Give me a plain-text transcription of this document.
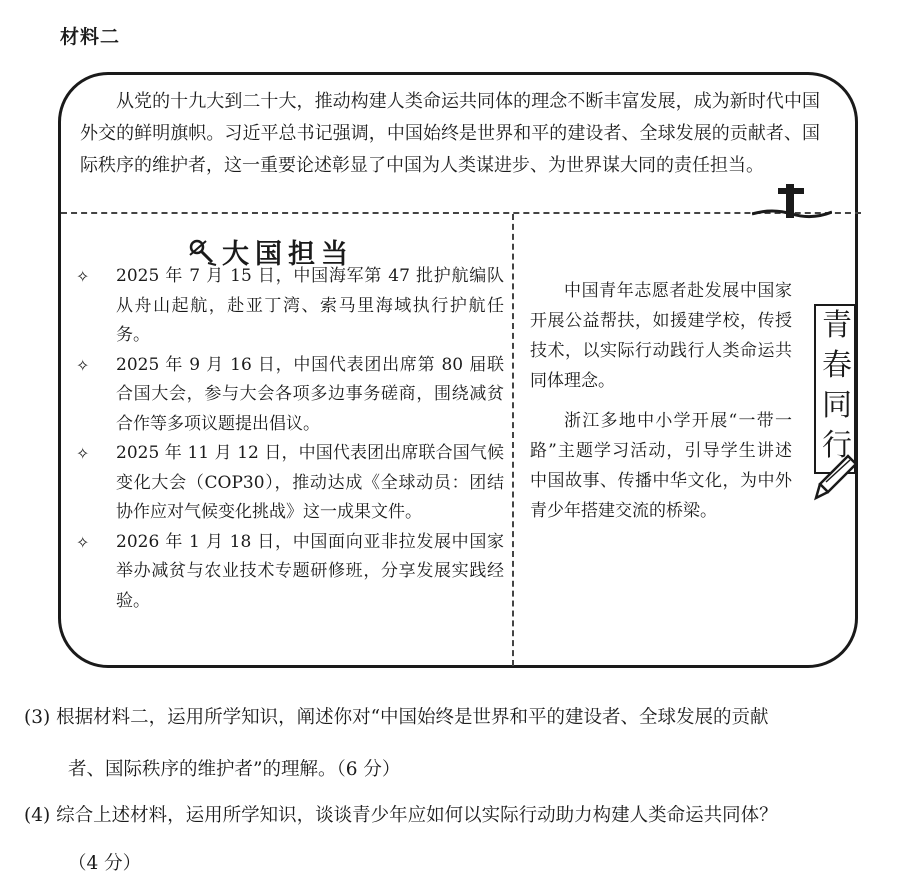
材料二
从党的十九大到二十大，推动构建人类命运共同体的理念不断丰富发展，成为新时代中国外交的鲜明旗帜。习近平总书记强调，中国始终是世界和平的建设者、全球发展的贡献者、国际秩序的维护者，这一重要论述彰显了中国为人类谋进步、为世界谋大同的责任担当。
大国担当
✧	2025 年 7 月 15 日，中国海军第 47 批护航编队从舟山起航，赴亚丁湾、索马里海域执行护航任务。
✧	2025 年 9 月 16 日，中国代表团出席第 80 届联合国大会，参与大会各项多边事务磋商，围绕减贫合作等多项议题提出倡议。
✧	2025 年 11 月 12 日，中国代表团出席联合国气候变化大会（COP30），推动达成《全球动员：团结协作应对气候变化挑战》这一成果文件。
✧	2026 年 1 月 18 日，中国面向亚非拉发展中国家举办减贫与农业技术专题研修班，分享发展实践经验。

中国青年志愿者赴发展中国家开展公益帮扶，如援建学校，传授技术，以实际行动践行人类命运共同体理念。

浙江多地中小学开展“一带一路”主题学习活动，引导学生讲述中国故事、传播中华文化，为中外青少年搭建交流的桥梁。

青
春
同
行
(3) 根据材料二，运用所学知识，阐述你对“中国始终是世界和平的建设者、全球发展的贡献
者、国际秩序的维护者”的理解。（6 分）
(4) 综合上述材料，运用所学知识，谈谈青少年应如何以实际行动助力构建人类命运共同体？
（4 分）
